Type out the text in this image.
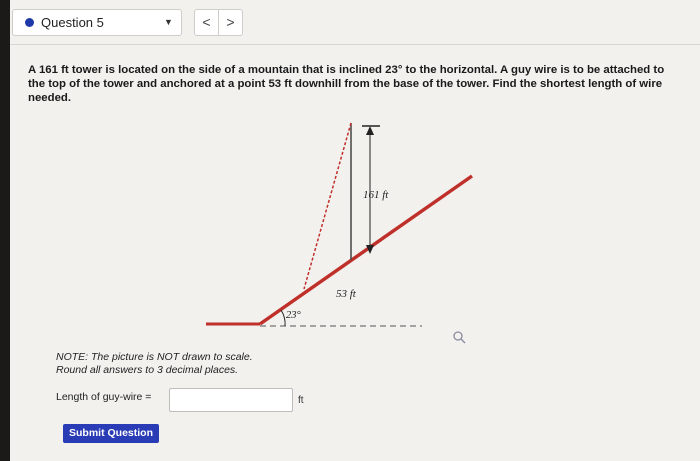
Question 5	▼	<	>
A 161 ft tower is located on the side of a mountain that is inclined 23° to the horizontal. A guy wire is to be attached to the top of the tower and anchored at a point 53 ft downhill from the base of the tower. Find the shortest length of wire needed.
161 ft
53 ft
23°
NOTE: The picture is NOT drawn to scale.
Round all answers to 3 decimal places.
Length of guy-wire =	ft
Submit Question
